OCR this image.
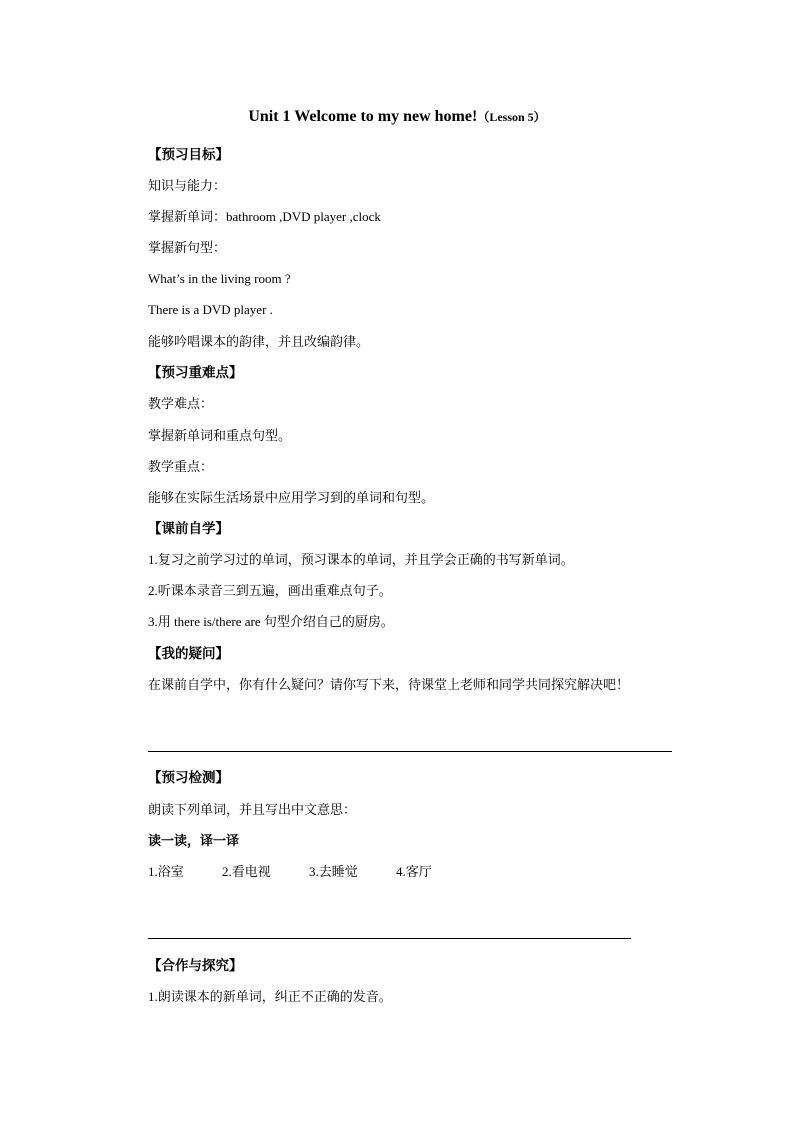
Unit 1 Welcome to my new home!（Lesson 5）
【预习目标】
知识与能力：
掌握新单词：bathroom ,DVD player ,clock
掌握新句型：
What’s in the living room ?
There is a DVD player .
能够吟唱课本的韵律，并且改编韵律。
【预习重难点】
教学难点：
掌握新单词和重点句型。
教学重点：
能够在实际生活场景中应用学习到的单词和句型。
【课前自学】
1.复习之前学习过的单词，预习课本的单词，并且学会正确的书写新单词。
2.听课本录音三到五遍，画出重难点句子。
3.用 there is/there are 句型介绍自己的厨房。
【我的疑问】
在课前自学中，你有什么疑问？请你写下来，待课堂上老师和同学共同探究解决吧！
【预习检测】
朗读下列单词，并且写出中文意思：
读一读，译一译
1.浴室	2.看电视	3.去睡觉	4.客厅
【合作与探究】
1.朗读课本的新单词，纠正不正确的发音。
